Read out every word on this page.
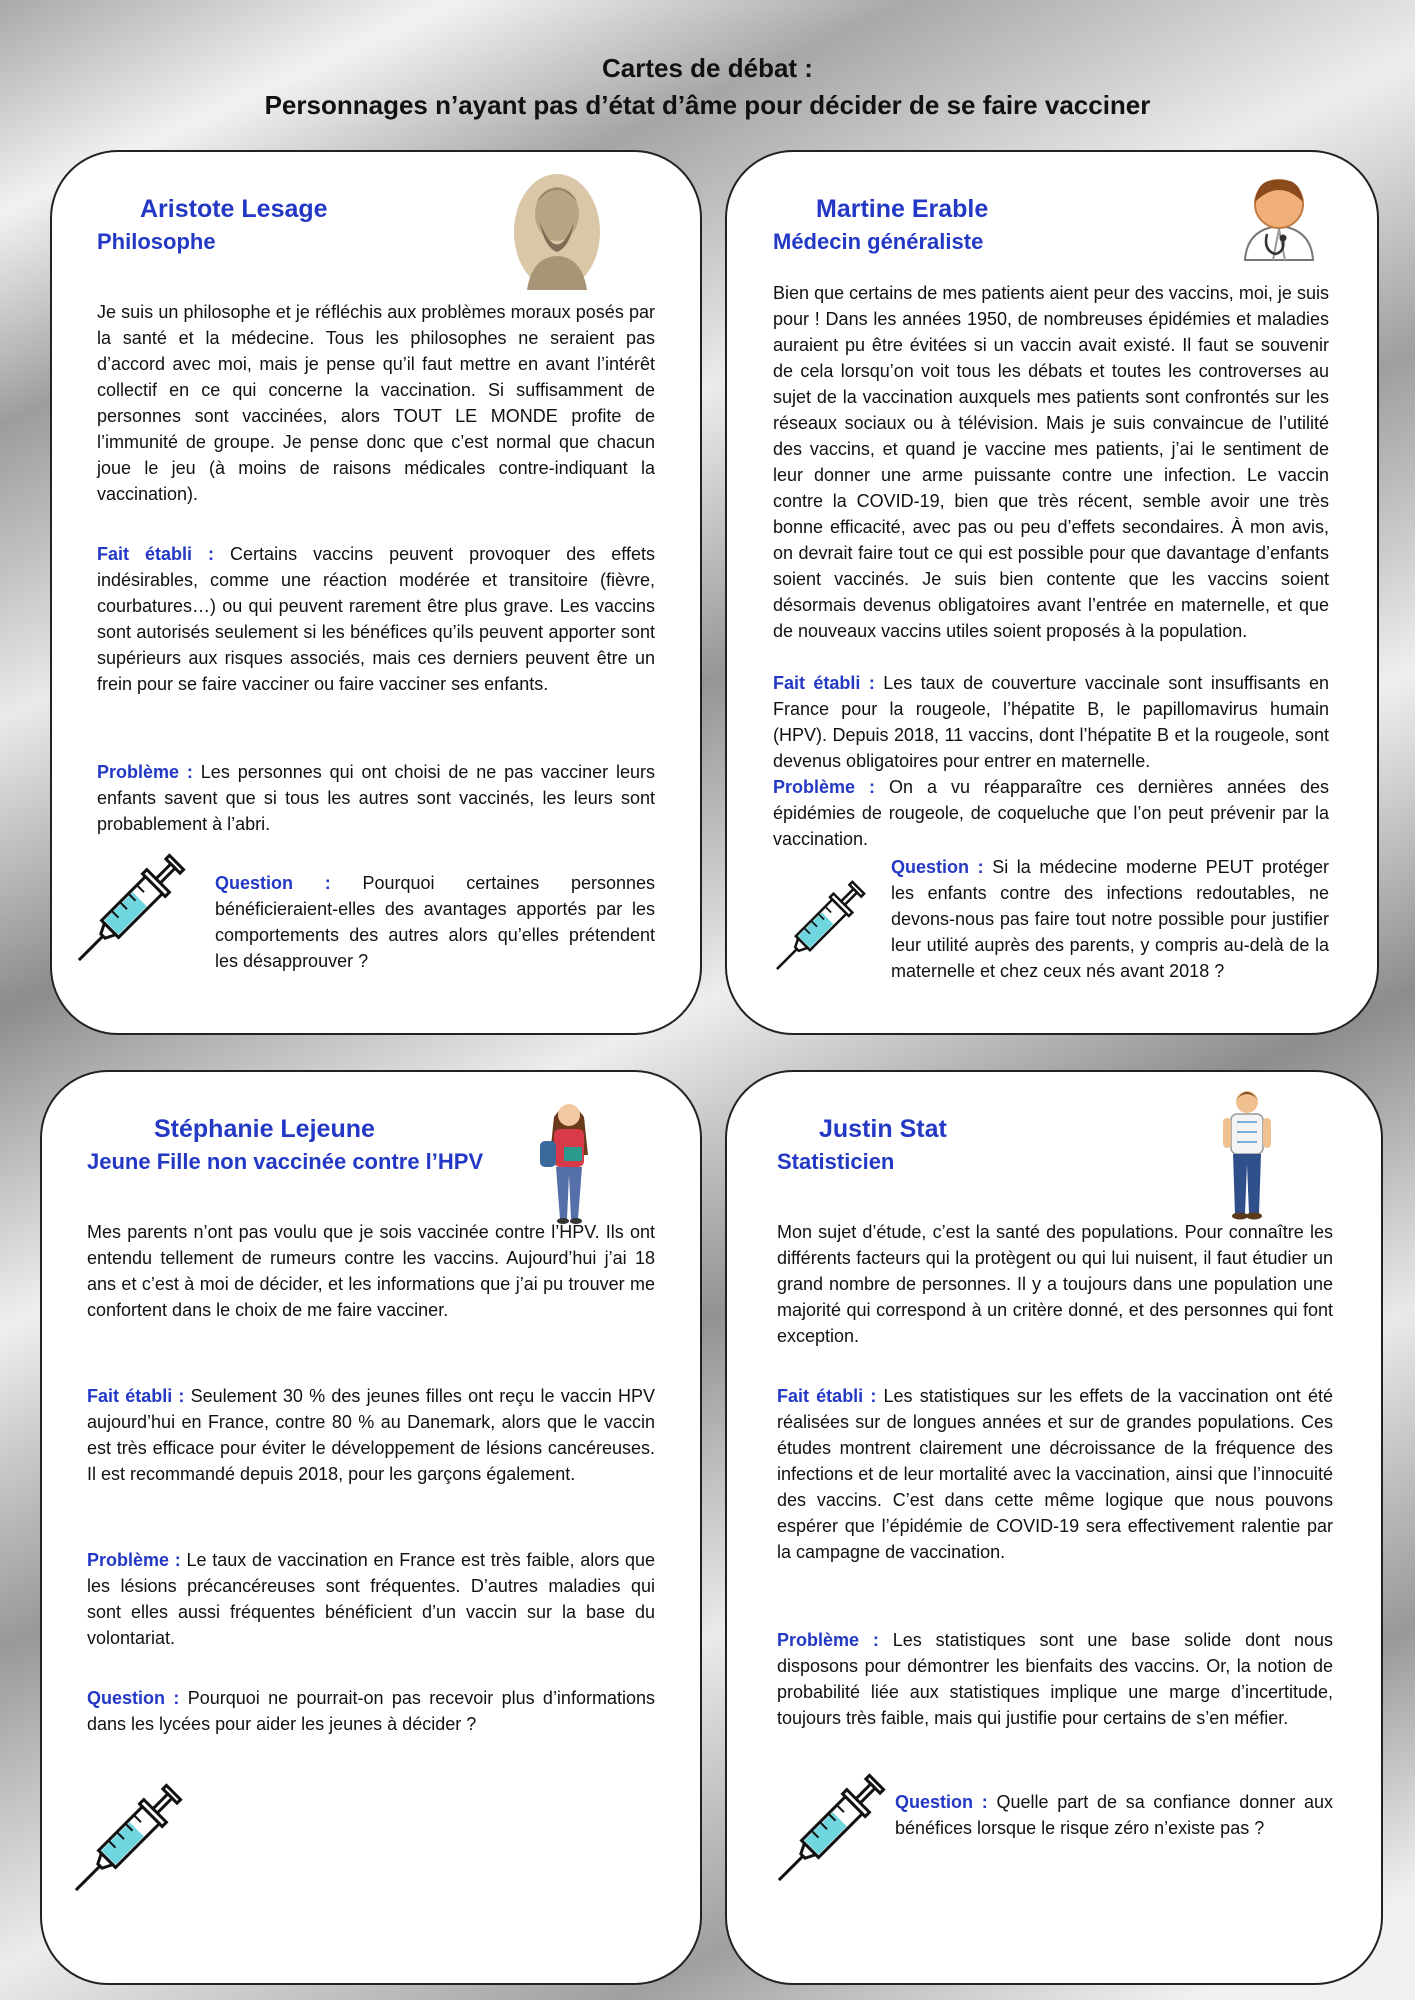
Cartes de débat :
Personnages n’ayant pas d’état d’âme pour décider de se faire vacciner
Aristote Lesage
Philosophe

Je suis un philosophe et je réfléchis aux problèmes moraux posés par la santé et la médecine. Tous les philosophes ne seraient pas d’accord avec moi, mais je pense qu’il faut mettre en avant l’intérêt collectif en ce qui concerne la vaccination. Si suffisamment de personnes sont vaccinées, alors TOUT LE MONDE profite de l’immunité de groupe. Je pense donc que c’est normal que chacun joue le jeu (à moins de raisons médicales contre-indiquant la vaccination).

Fait établi : Certains vaccins peuvent provoquer des effets indésirables, comme une réaction modérée et transitoire (fièvre, courbatures…) ou qui peuvent rarement être plus grave. Les vaccins sont autorisés seulement si les bénéfices qu’ils peuvent apporter sont supérieurs aux risques associés, mais ces derniers peuvent être un frein pour se faire vacciner ou faire vacciner ses enfants.

Problème : Les personnes qui ont choisi de ne pas vacciner leurs enfants savent que si tous les autres sont vaccinés, les leurs sont probablement à l’abri.

Question : Pourquoi certaines personnes bénéficieraient-elles des avantages apportés par les comportements des autres alors qu’elles prétendent les désapprouver ?

Martine Erable
Médecin généraliste

Bien que certains de mes patients aient peur des vaccins, moi, je suis pour ! Dans les années 1950, de nombreuses épidémies et maladies auraient pu être évitées si un vaccin avait existé. Il faut se souvenir de cela lorsqu’on voit tous les débats et toutes les controverses au sujet de la vaccination auxquels mes patients sont confrontés sur les réseaux sociaux ou à télévision. Mais je suis convaincue de l’utilité des vaccins, et quand je vaccine mes patients, j’ai le sentiment de leur donner une arme puissante contre une infection. Le vaccin contre la COVID-19, bien que très récent, semble avoir une très bonne efficacité, avec pas ou peu d’effets secondaires. À mon avis, on devrait faire tout ce qui est possible pour que davantage d’enfants soient vaccinés. Je suis bien contente que les vaccins soient désormais devenus obligatoires avant l’entrée en maternelle, et que de nouveaux vaccins utiles soient proposés à la population.

Fait établi : Les taux de couverture vaccinale sont insuffisants en France pour la rougeole, l’hépatite B, le papillomavirus humain (HPV). Depuis 2018, 11 vaccins, dont l’hépatite B et la rougeole, sont devenus obligatoires pour entrer en maternelle.

Problème : On a vu réapparaître ces dernières années des épidémies de rougeole, de coqueluche que l’on peut prévenir par la vaccination.

Question : Si la médecine moderne PEUT protéger les enfants contre des infections redoutables, ne devons-nous pas faire tout notre possible pour justifier leur utilité auprès des parents, y compris au-delà de la maternelle et chez ceux nés avant 2018 ?

Stéphanie Lejeune
Jeune Fille non vaccinée contre l’HPV

Mes parents n’ont pas voulu que je sois vaccinée contre l’HPV. Ils ont entendu tellement de rumeurs contre les vaccins. Aujourd’hui j’ai 18 ans et c’est à moi de décider, et les informations que j’ai pu trouver me confortent dans le choix de me faire vacciner.

Fait établi : Seulement 30 % des jeunes filles ont reçu le vaccin HPV aujourd’hui en France, contre 80 % au Danemark, alors que le vaccin est très efficace pour éviter le développement de lésions cancéreuses. Il est recommandé depuis 2018, pour les garçons également.

Problème : Le taux de vaccination en France est très faible, alors que les lésions précancéreuses sont fréquentes. D’autres maladies qui sont elles aussi fréquentes bénéficient d’un vaccin sur la base du volontariat.

Question : Pourquoi ne pourrait-on pas recevoir plus d’informations dans les lycées pour aider les jeunes à décider ?

Justin Stat
Statisticien

Mon sujet d’étude, c’est la santé des populations. Pour connaître les différents facteurs qui la protègent ou qui lui nuisent, il faut étudier un grand nombre de personnes. Il y a toujours dans une population une majorité qui correspond à un critère donné, et des personnes qui font exception.

Fait établi : Les statistiques sur les effets de la vaccination ont été réalisées sur de longues années et sur de grandes populations. Ces études montrent clairement une décroissance de la fréquence des infections et de leur mortalité avec la vaccination, ainsi que l’innocuité des vaccins. C’est dans cette même logique que nous pouvons espérer que l’épidémie de COVID-19 sera effectivement ralentie par la campagne de vaccination.

Problème : Les statistiques sont une base solide dont nous disposons pour démontrer les bienfaits des vaccins. Or, la notion de probabilité liée aux statistiques implique une marge d’incertitude, toujours très faible, mais qui justifie pour certains de s’en méfier.

Question : Quelle part de sa confiance donner aux bénéfices lorsque le risque zéro n’existe pas ?
